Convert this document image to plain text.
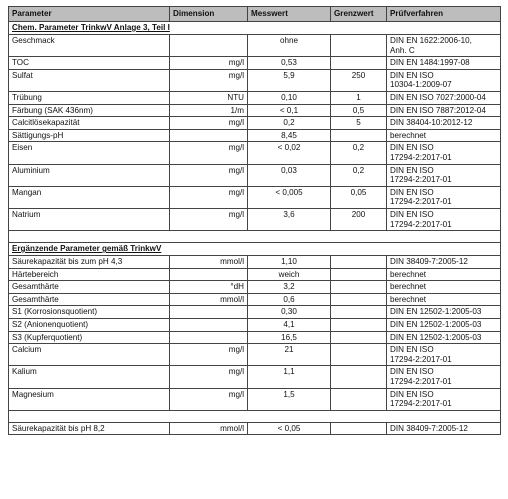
Parameter	Dimension	Messwert	Grenzwert	Prüfverfahren
Chem. Parameter TrinkwV Anlage 3, Teil I				
Geschmack		ohne		DIN EN 1622:2006-10,
Anh. C
TOC	mg/l	0,53		DIN EN 1484:1997-08
Sulfat	mg/l	5,9	250	DIN EN ISO
10304-1:2009-07
Trübung	NTU	0,10	1	DIN EN ISO 7027:2000-04
Färbung (SAK 436nm)	1/m	< 0,1	0,5	DIN EN ISO 7887:2012-04
Calcitlösekapazität	mg/l	0,2	5	DIN 38404-10:2012-12
Sättigungs-pH		8,45		berechnet
Eisen	mg/l	< 0,02	0,2	DIN EN ISO
17294-2:2017-01
Aluminium	mg/l	0,03	0,2	DIN EN ISO
17294-2:2017-01
Mangan	mg/l	< 0,005	0,05	DIN EN ISO
17294-2:2017-01
Natrium	mg/l	3,6	200	DIN EN ISO
17294-2:2017-01

Ergänzende Parameter gemäß TrinkwV				
Säurekapazität bis zum pH 4,3	mmol/l	1,10		DIN 38409-7:2005-12
Härtebereich		weich		berechnet
Gesamthärte	°dH	3,2		berechnet
Gesamthärte	mmol/l	0,6		berechnet
S1 (Korrosionsquotient)		0,30		DIN EN 12502-1:2005-03
S2 (Anionenquotient)		4,1		DIN EN 12502-1:2005-03
S3 (Kupferquotient)		16,5		DIN EN 12502-1:2005-03
Calcium	mg/l	21		DIN EN ISO
17294-2:2017-01
Kalium	mg/l	1,1		DIN EN ISO
17294-2:2017-01
Magnesium	mg/l	1,5		DIN EN ISO
17294-2:2017-01

Säurekapazität bis pH 8,2	mmol/l	< 0,05		DIN 38409-7:2005-12
